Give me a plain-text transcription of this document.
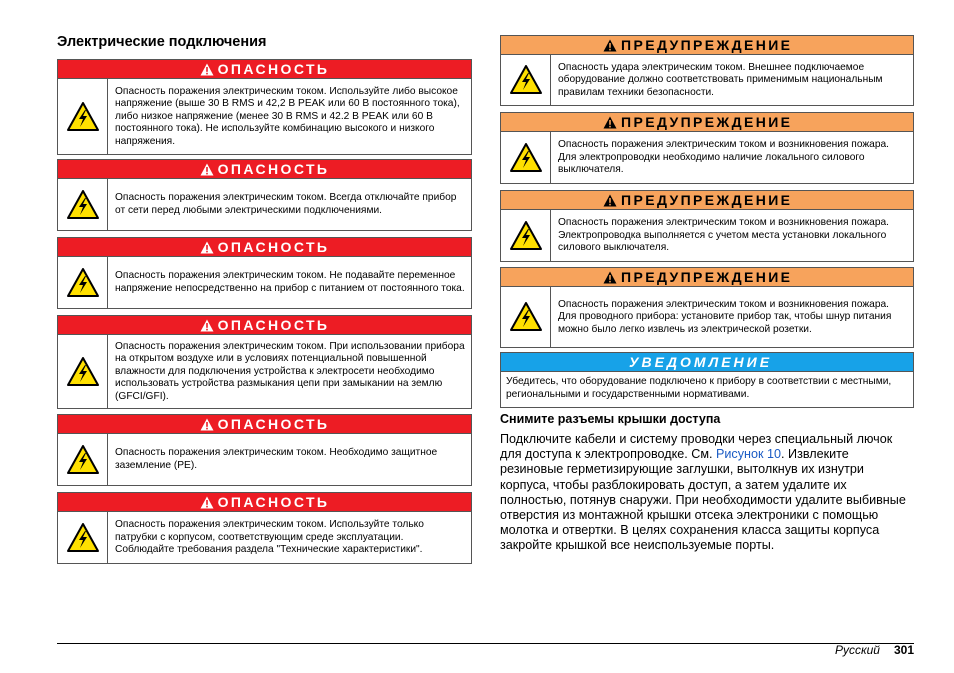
Электрические подключения
ОПАСНОСТЬ
Опасность поражения электрическим током. Используйте либо высокое напряжение (выше 30 В RMS и 42,2 В PEAK или 60 В постоянного тока), либо низкое напряжение (менее 30 В RMS и 42.2 В PEAK или 60 В постоянного тока). Не используйте комбинацию высокого и низкого напряжения.
ОПАСНОСТЬ
Опасность поражения электрическим током. Всегда отключайте прибор от сети перед любыми электрическими подключениями.
ОПАСНОСТЬ
Опасность поражения электрическим током. Не подавайте переменное напряжение непосредственно на прибор с питанием от постоянного тока.
ОПАСНОСТЬ
Опасность поражения электрическим током. При использовании прибора на открытом воздухе или в условиях потенциальной повышенной влажности для подключения устройства к электросети необходимо использовать устройства размыкания цепи при замыкании на землю (GFCI/GFI).
ОПАСНОСТЬ
Опасность поражения электрическим током. Необходимо защитное заземление (PE).
ОПАСНОСТЬ
Опасность поражения электрическим током. Используйте только патрубки с корпусом, соответствующим среде эксплуатации. Соблюдайте требования раздела "Технические характеристики".
ПРЕДУПРЕЖДЕНИЕ
Опасность удара электрическим током. Внешнее подключаемое оборудование должно соответствовать применимым национальным правилам техники безопасности.
ПРЕДУПРЕЖДЕНИЕ
Опасность поражения электрическим током и возникновения пожара. Для электропроводки необходимо наличие локального силового выключателя.
ПРЕДУПРЕЖДЕНИЕ
Опасность поражения электрическим током и возникновения пожара. Электропроводка выполняется с учетом места установки локального силового выключателя.
ПРЕДУПРЕЖДЕНИЕ
Опасность поражения электрическим током и возникновения пожара. Для проводного прибора: установите прибор так, чтобы шнур питания можно было легко извлечь из электрической розетки.
УВЕДОМЛЕНИЕ
Убедитесь, что оборудование подключено к прибору в соответствии с местными, региональными и государственными нормативами.
Снимите разъемы крышки доступа
Подключите кабели и систему проводки через специальный лючок для доступа к электропроводке. См. Рисунок 10. Извлеките резиновые герметизирующие заглушки, вытолкнув их изнутри корпуса, чтобы разблокировать доступ, а затем удалите их полностью, потянув снаружи. При необходимости удалите выбивные отверстия из монтажной крышки отсека электроники с помощью молотка и отвертки. В целях сохранения класса защиты корпуса закройте крышкой все неиспользуемые порты.
Русский 301
